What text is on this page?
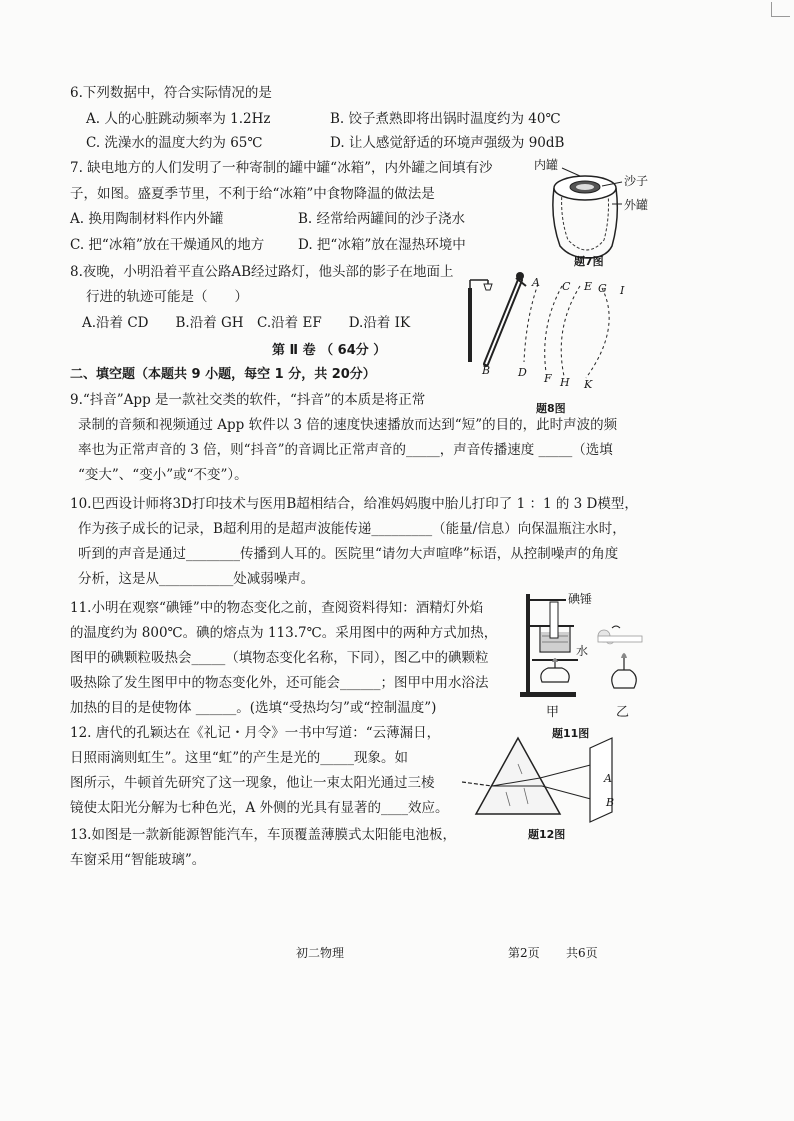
6.下列数据中，符合实际情况的是
A. 人的心脏跳动频率为 1.2Hz	B. 饺子煮熟即将出锅时温度约为 40℃
C. 洗澡水的温度大约为 65℃	D. 让人感觉舒适的环境声强级为 90dB
7. 缺电地方的人们发明了一种寄制的罐中罐“冰箱”，内外罐之间填有沙
子，如图。盛夏季节里，不利于给“冰箱”中食物降温的做法是
A. 换用陶制材料作内外罐	B. 经常给两罐间的沙子浇水
C. 把“冰箱”放在干燥通风的地方	D. 把“冰箱”放在湿热环境中
内罐
沙子
外罐
题7图
8.夜晚，小明沿着平直公路AB经过路灯，他头部的影子在地面上
行进的轨迹可能是（　　）
A.沿着 CD　　B.沿着 GH　C.沿着 EF　　D.沿着 IK
A
B
C
D
E
F
G
H
I
K
题8图
第 Ⅱ 卷 （ 64分 ）
二、填空题（本题共 9 小题，每空 1 分，共 20分）
9.“抖音”App 是一款社交类的软件，“抖音”的本质是将正常
录制的音频和视频通过 App 软件以 3 倍的速度快速播放而达到“短”的目的，此时声波的频
率也为正常声音的 3 倍，则“抖音”的音调比正常声音的_____，声音传播速度 _____（选填
“变大”、“变小”或“不变”）。
10.巴西设计师将3D打印技术与医用B超相结合，给准妈妈腹中胎儿打印了 1 ：1 的 3 D模型，
作为孩子成长的记录，B超利用的是超声波能传递_________（能量/信息）向保温瓶注水时，
听到的声音是通过________传播到人耳的。医院里“请勿大声喧哗”标语，从控制噪声的角度
分析，这是从___________处减弱噪声。
11.小明在观察“碘锤”中的物态变化之前，查阅资料得知：酒精灯外焰
的温度约为 800℃。碘的熔点为 113.7℃。采用图中的两种方式加热，
图甲的碘颗粒吸热会_____（填物态变化名称，下同），图乙中的碘颗粒
吸热除了发生图甲中的物态变化外，还可能会______；图甲中用水浴法
加热的目的是使物体 ______。(选填“受热均匀”或“控制温度”)
碘锤
水
甲	乙
题11图
12. 唐代的孔颖达在《礼记・月令》一书中写道：“云薄漏日，
日照雨滴则虹生”。这里“虹”的产生是光的_____现象。如
图所示，牛顿首先研究了这一现象，他让一束太阳光通过三棱
镜使太阳光分解为七种色光，A 外侧的光具有显著的____效应。
A
B
题12图
13.如图是一款新能源智能汽车，车顶覆盖薄膜式太阳能电池板，
车窗采用“智能玻璃”。
初二物理	第2页 共6页
